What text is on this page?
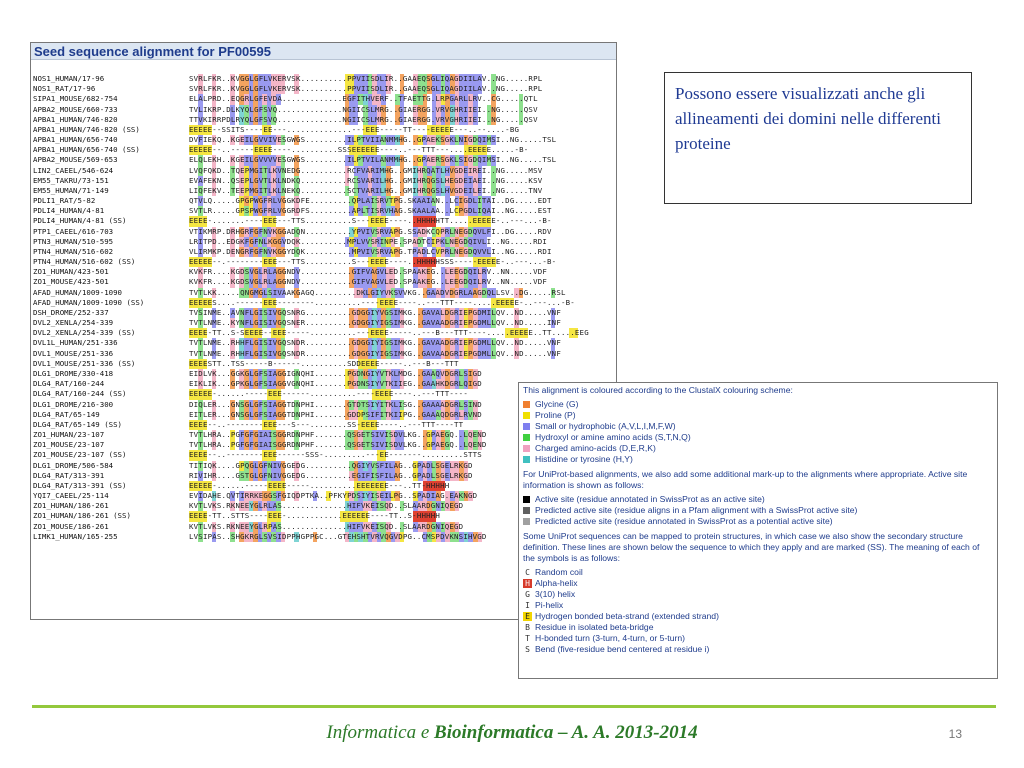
Seed sequence alignment for PF00595
NOS1_HUMAN/17-96	SVRLFKR..KVGGLGFLVKERVSK..........PPVIISDLIR..GAAEQSGLIQAGDIILAV..NG.....RPL
NOS1_RAT/17-96	SVRLFKR..KVGGLGFLVKERVSK..........PPVIISDLIR..GAAEQSGLIQAGDIILAV..NG.....RPL
SIPA1_MOUSE/682-754	ELALPRD..EQGRLGFEVDA.............EGFITHVERF..TFAETTG.LRPGARLLRV..CG.....QTL
APBA2_MOUSE/660-733	TVLIKRP.DLKYQLGFSVQ..............NGIICSLMRG..GIAERGG.VRVGHRIIEI..NG.....QSV
APBA1_HUMAN/746-820	TTVKIRRPDLRYQLGFSVQ..............NGIICSLMRG..GIAERGG.VRVGHRIIEI..NG.....QSV
APBA1_HUMAN/746-820 (SS)	EEEEE--SSITS----EE---..............---EEE-----TT----EEEEE---..--....-BG
APBA1_HUMAN/656-740	DVFIEKQ..KGEILGVVIVESGWGS.........ILPTVIIANMMHG..GPAEKSGKLNIGDQIMSI..NG.....TSL
APBA1_HUMAN/656-740 (SS)	EEEEE--..-----EEEE----..........SSSEEEEEE----..---TTT---....EEEEE.....-B-
APBA2_MOUSE/569-653	ELQLEKH..KGEILGVVVVESGWGS.........ILPTVILANMMHG..GPAERSGKLSIGDQIMSI..NG.....TSL
LIN2_CAEEL/546-624	LVQFQKD..TQEPMGITLKVNEDG..........RCFVARIMHG..GMIHRQATLHVGDEIREI..NG.....MSV
EM55_TAKRU/73-151	EVAFEKN..QSEPLGVTLKLNDKQ..........RCSVARILHG..GMIHRQGSLHEGDEIAEI..NG.....KSV
EM55_HUMAN/71-149	LIQFEKV..TEEPMGITLKLNEKQ..........SCTVARILHG..GMIHRQGSLHVGDEILEI..NG.....TNV
PDLI1_RAT/5-82	QTVLQ.....GPGPWGFRLVGGKDFE.........QPLAISRVTPG.SKAAIAN..LCIGDLITAI..DG.....EDT
PDLI4_HUMAN/4-81	SVTLR.....GPSPWGFRLVGGRDFS.........APLTISRVHAG.SKAALAA..LCPGDLIQAI..NG.....EST
PDLI4_HUMAN/4-81 (SS)	EEEE-.......----EEE---TTS..........S---EEEE----..HHHHHTT.....EEEEE-..---...-B-
PTP1_CAEEL/616-703	VTIKMRP.DRHGRFGFNVKGGADQN..........YPVIVSRVAPG.SSADKCQPRLNEGDQVLFI..DG.....RDV
PTN3_HUMAN/510-595	LRITPD..EDGKFGFNLKGGVDQK..........MPLVVSRINPE.SPADTCIPKLNEGDQIVLI..NG.....RDI
PTN4_HUMAN/516-602	VLIRMKP.DENGRFGFNVKGGYDQK..........MPVIVSRVAPG.TPADLCVPRLNEGDQVVLI..NG.....RDI
PTN4_HUMAN/516-602 (SS)	EEEEE--.--------EEE---TTS..........S---EEEE----..HHHHHSSS-----EEEEE-..---...-B-
ZO1_HUMAN/423-501	KVKFR....KGDSVGLRLAGGNDV...........GIFVAGVLED.SPAAKEG..LEEGDQILRV..NN.....VDF
ZO1_MOUSE/423-501	KVKFR....KGDSVGLRLAGGNDV...........GIFVAGVLED.SPAAKEG..LEEGDQILRV..NN.....VDF
AFAD_HUMAN/1009-1090	TVTLKK.....QNGMGLSIVAAKGAGQ.........DKLGIYVKSVVKG..GAADVDGRLAAGDQLLSV..DG.....RSL
AFAD_HUMAN/1009-1090 (SS)	EEEEES....------EEE--------..........----EEEE----..---TTT----.....EEEEE-..---...-B-
DSH_DROME/252-337	TVSINME..AVNFLGISIVGQSNRG..........GDGGIYVGSIMKG..GAVALDGRIEPGDMILQV..ND.....VNF
DVL2_XENLA/254-339	TVTLNME..KYNFLGISIVGQSNER..........GDGGIYIGSIMKG..GAVAADGRIEPGDMLLQV..ND.....INF
DVL2_XENLA/254-339 (SS)	EEEE-TT..S-SEEEE--EEE-----..........---EEEE-----..---B---TTT----.....EEEEE..TT.....EEG
DVL1L_HUMAN/251-336	TVTLNME..RHHFLGISIVGQSNDR..........GDGGIYIGSIMKG..GAVAADGRIEPGDMLLQV..ND.....VNF
DVL1_MOUSE/251-336	TVTLNME..RHHFLGISIVGQSNDR..........GDGGIYIGSIMKG..GAVAADGRIEPGDMLLQV..ND.....VNF
DVL1_MOUSE/251-336 (SS)	EEEESTT..TSS-----B------..........SDDEEEE-----..---B---TTT
DLG1_DROME/330-418	EIDLVK...GGKGLGFSIAGGIGNQHI.......PGDNGIYVTKLMDG..GAAQVDGRLSIGD
DLG4_RAT/160-244	EIKLIK...GPKGLGFSIAGGVGNQHI.......PGDNSIYVTKIIEG..GAAHKDGRLQIGD
DLG4_RAT/160-244 (SS)	EEEEE-......-----EEE------..........----EEEE----..---TTT----
DLG1_DROME/216-300	DIQLER...GNSGLGFSIAGGTDNPHI.......GTDTSIYITKLISG..GAAAADGRLSIND
DLG4_RAT/65-149	EITLER...GNSGLGFSIAGGTDNPHI.......GDDPSIFITKIIPG..GAAAQDGRLRVND
DLG4_RAT/65-149 (SS)	EEEE--..--------EEE---S---........SS-EEEE----..---TTT----TT
ZO1_HUMAN/23-107	TVTLHRA..PGFGFGIAISGGRDNPHF.......QSGETSIVISDVLKG..GPAEGQ..LQEND
ZO1_MOUSE/23-107	TVTLHRA..PGFGFGIAISGGRDNPHF.......QSGETSIVISDVLKG..GPAEGQ..LQEND
ZO1_MOUSE/23-107 (SS)	EEEE--..--------EEE------SSS-.........---EE-------.........STTS
DLG1_DROME/506-584	TITIQK....GPQGLGFNIVGGEDG..........QGIYVSFILAG..GPADLSGELRKGD
DLG4_RAT/313-391	RIVIHR....GSTGLGFNIVGGEDG..........EGIFISFILAG..GPADLSGELRKGD
DLG4_RAT/313-391 (SS)	EEEEE-......-----EEEE-----..........EEEEEEE---..TT-HHHHH
YQI7_CAEEL/25-114	EVIDAHE.QVTIRRKEGGSFGIQDPTKA..PFKYPDSIYISEILPG..SPADIAG.EAKNGD
ZO1_HUMAN/186-261	KVTLVKS.RKNEEYGLRLAS..............HIFVKEISQD..SLAARDGNIQEGD
ZO1_HUMAN/186-261 (SS)	EEEE-TT..STTS----EEE-............EEEEEE----TT..S-HHHHH
ZO1_MOUSE/186-261	KVTLVKS.RKNEEYGLRPAS..............HIFVKEISQD..SLAARDGNIQEGD
LIMK1_HUMAN/165-255	LVSIPAS..SHGKRGLSVSIDPPHGPPGC...GTEHSHTVRVQGVDPG..CMSPDVKNSIHVGD

Possono essere visualizzati anche gli allineamenti dei domini nelle differenti proteine

This alignment is coloured according to the ClustalX colouring scheme:

Glycine (G)
Proline (P)
Small or hydrophobic (A,V,L,I,M,F,W)
Hydroxyl or amine amino acids (S,T,N,Q)
Charged amino-acids (D,E,R,K)
Histidine or tyrosine (H,Y)

For UniProt-based alignments, we also add some additional mark-up to the alignments where appropriate. Active site information is shown as follows:

Active site (residue annotated in SwissProt as an active site)
Predicted active site (residue aligns in a Pfam alignment with a SwissProt active site)
Predicted active site (residue annotated in SwissProt as a potential active site)

Some UniProt sequences can be mapped to protein structures, in which case we also show the secondary structure definition. These lines are shown below the sequence to which they apply and are marked (SS). The meaning of each of the symbols is as follows:

C Random coil
H Alpha-helix
G 3(10) helix
I Pi-helix
E Hydrogen bonded beta-strand (extended strand)
B Residue in isolated beta-bridge
T H-bonded turn (3-turn, 4-turn, or 5-turn)
S Bend (five-residue bend centered at residue i)
Informatica e Bioinformatica – A. A. 2013-2014	13
